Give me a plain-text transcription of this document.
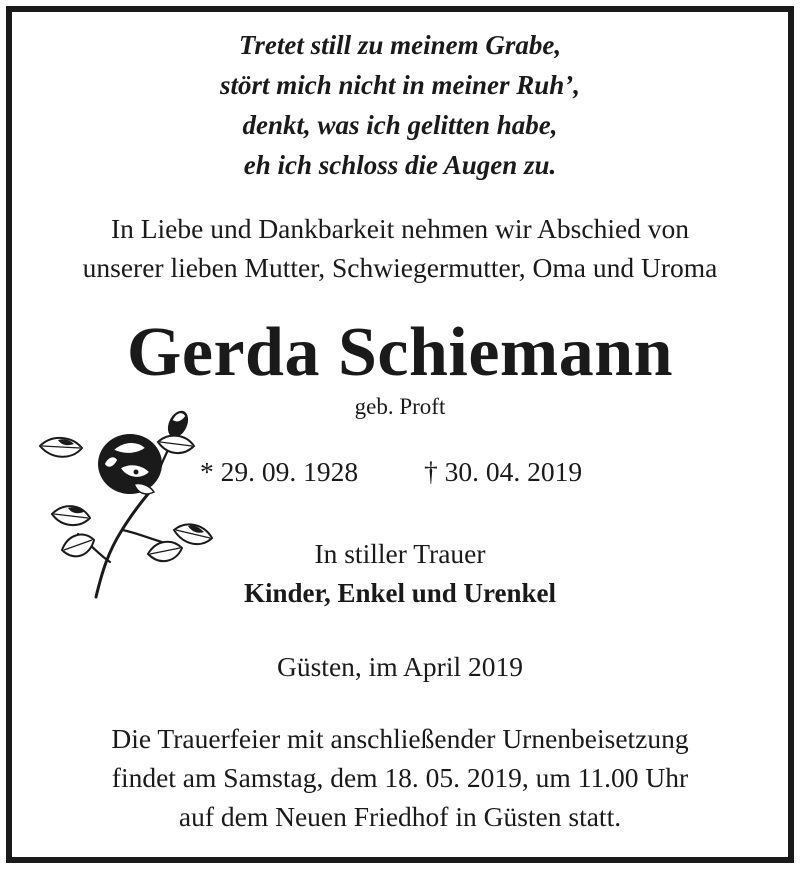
Tretet still zu meinem Grabe,
stört mich nicht in meiner Ruh’,
denkt, was ich gelitten habe,
eh ich schloss die Augen zu.
In Liebe und Dankbarkeit nehmen wir Abschied von
unserer lieben Mutter, Schwiegermutter, Oma und Uroma
Gerda Schiemann
geb. Proft
* 29. 09. 1928 † 30. 04. 2019
In stiller Trauer
Kinder, Enkel und Urenkel
Güsten, im April 2019
Die Trauerfeier mit anschließender Urnenbeisetzung
findet am Samstag, dem 18. 05. 2019, um 11.00 Uhr
auf dem Neuen Friedhof in Güsten statt.
